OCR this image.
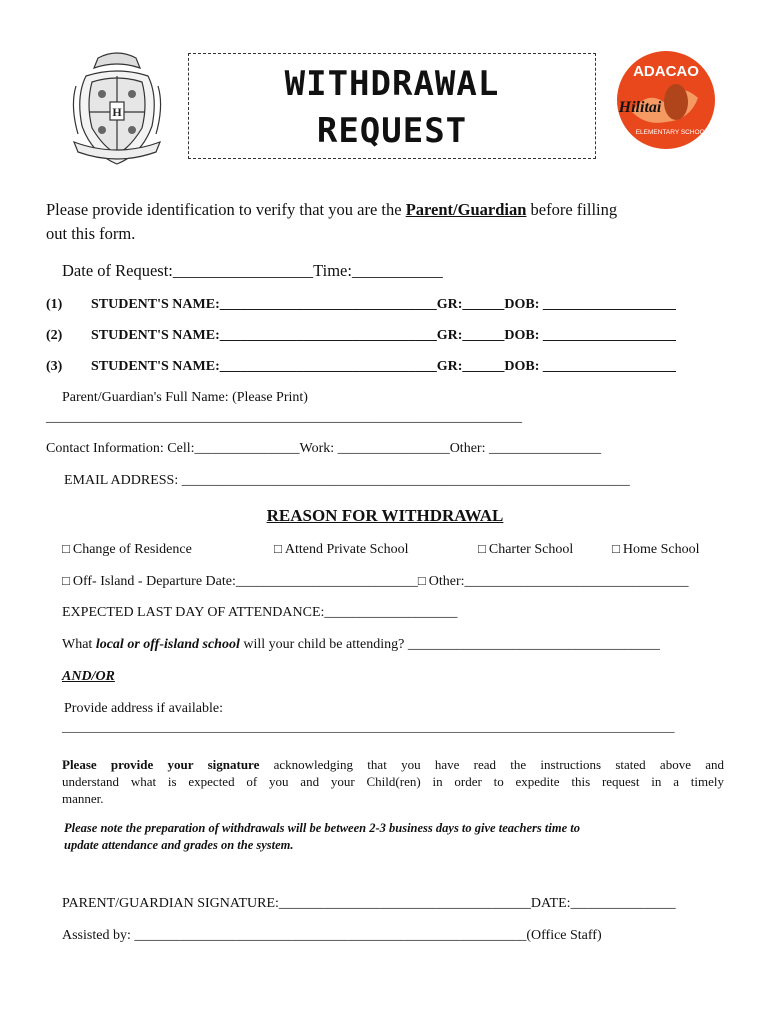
H
WITHDRAWAL
REQUEST
ADACAO
Hilitai
ELEMENTARY SCHOOL
Please provide identification to verify that you are the Parent/Guardian before filling
out this form.
Date of Request:_________________Time:___________
(1) STUDENT'S NAME:_______________________________GR:______DOB: ___________________
(2) STUDENT'S NAME:_______________________________GR:______DOB: ___________________
(3) STUDENT'S NAME:_______________________________GR:______DOB: ___________________
Parent/Guardian's Full Name: (Please Print)
____________________________________________________________________
Contact Information: Cell:_______________Work: ________________Other: ________________
EMAIL ADDRESS: ________________________________________________________________
REASON FOR WITHDRAWAL
□ Change of Residence	□ Attend Private School	□ Charter School	□ Home School
□ Off- Island - Departure Date:__________________________□ Other:________________________________
EXPECTED LAST DAY OF ATTENDANCE:___________________
What local or off-island school will your child be attending? ____________________________________
AND/OR
Provide address if available:
__________________________________________________________________________________________________
Please provide your signature acknowledging that you have read the instructions stated above and
understand what is expected of you and your Child(ren) in order to expedite this request in a timely
manner.
Please note the preparation of withdrawals will be between 2-3 business days to give teachers time to
update attendance and grades on the system.
PARENT/GUARDIAN SIGNATURE:____________________________________DATE:_______________
Assisted by: ________________________________________________________(Office Staff)
